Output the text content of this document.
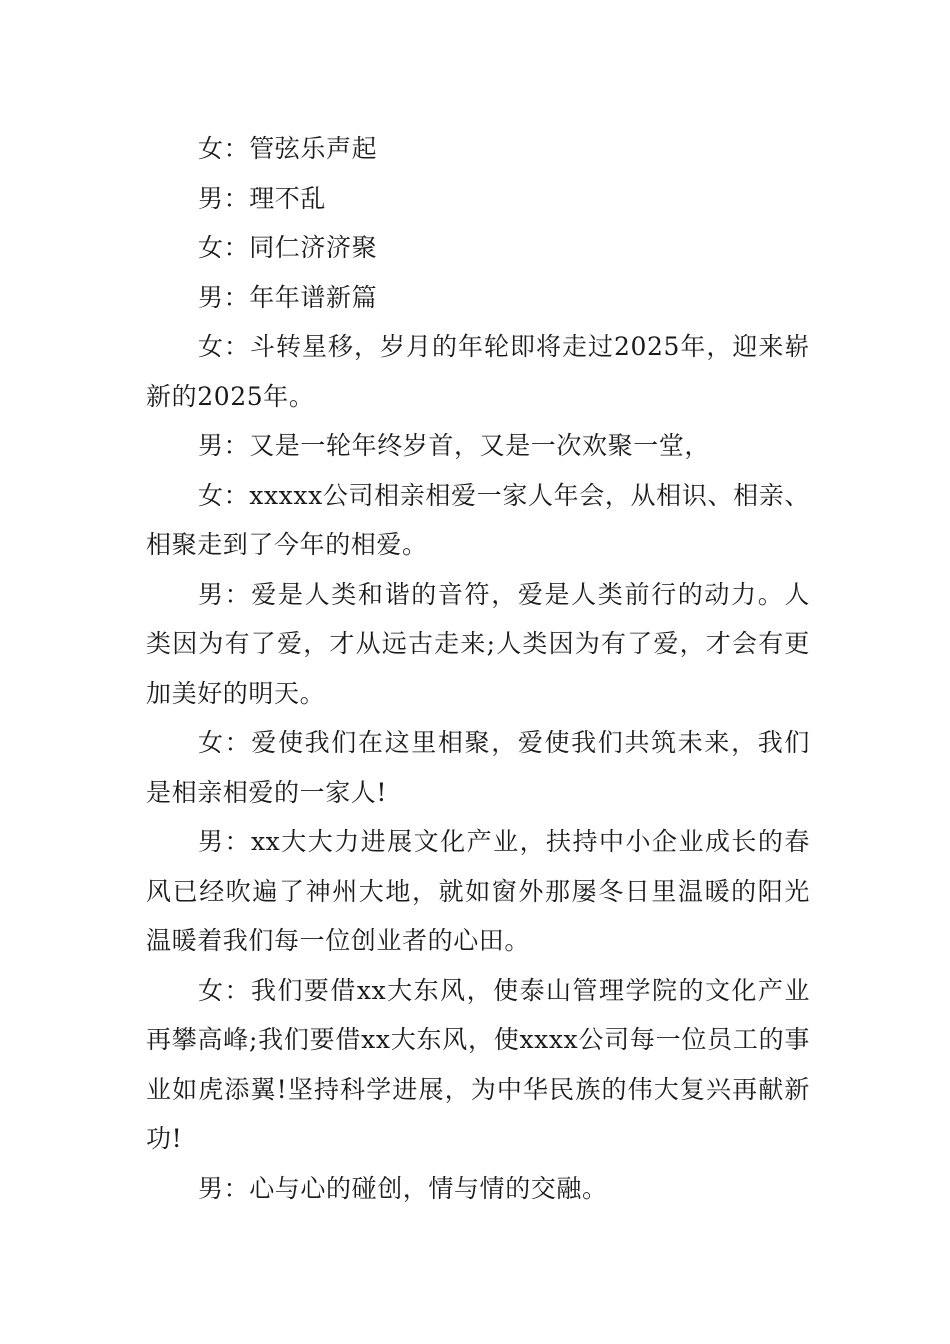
女：管弦乐声起

男：理不乱

女：同仁济济聚

男：年年谱新篇

女：斗转星移，岁月的年轮即将走过2025年，迎来崭新的2025年。

男：又是一轮年终岁首，又是一次欢聚一堂，

女：xxxxx公司相亲相爱一家人年会，从相识、相亲、相聚走到了今年的相爱。

男：爱是人类和谐的音符，爱是人类前行的动力。人类因为有了爱，才从远古走来;人类因为有了爱，才会有更加美好的明天。

女：爱使我们在这里相聚，爱使我们共筑未来，我们是相亲相爱的一家人!

男：xx大大力进展文化产业，扶持中小企业成长的春风已经吹遍了神州大地，就如窗外那屡冬日里温暖的阳光温暖着我们每一位创业者的心田。

女：我们要借xx大东风，使泰山管理学院的文化产业再攀高峰;我们要借xx大东风，使xxxx公司每一位员工的事业如虎添翼!坚持科学进展，为中华民族的伟大复兴再献新功!

男：心与心的碰创，情与情的交融。
